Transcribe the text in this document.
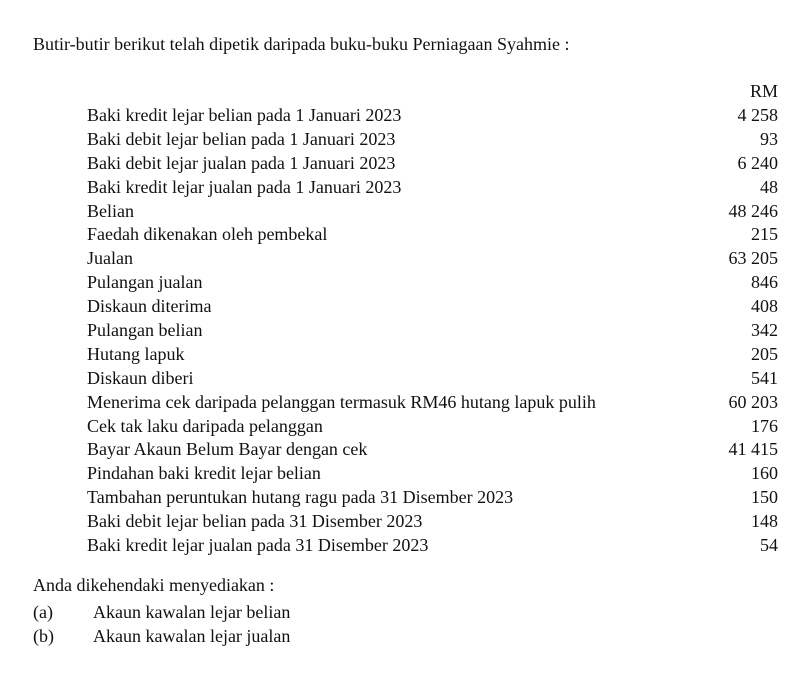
Butir-butir berikut telah dipetik daripada buku-buku Perniagaan Syahmie :
RM
Baki kredit lejar belian pada 1 Januari 2023	4 258
Baki debit lejar belian pada 1 Januari 2023	93
Baki debit lejar jualan pada 1 Januari 2023	6 240
Baki kredit lejar jualan pada 1 Januari 2023	48
Belian	48 246
Faedah dikenakan oleh pembekal	215
Jualan	63 205
Pulangan jualan	846
Diskaun diterima	408
Pulangan belian	342
Hutang lapuk	205
Diskaun diberi	541
Menerima cek daripada pelanggan termasuk RM46 hutang lapuk pulih	60 203
Cek tak laku daripada pelanggan	176
Bayar Akaun Belum Bayar dengan cek	41 415
Pindahan baki kredit lejar belian	160
Tambahan peruntukan hutang ragu pada 31 Disember 2023	150
Baki debit lejar belian pada 31 Disember 2023	148
Baki kredit lejar jualan pada 31 Disember 2023	54
Anda dikehendaki menyediakan :
(a)	Akaun kawalan lejar belian
(b)	Akaun kawalan lejar jualan
